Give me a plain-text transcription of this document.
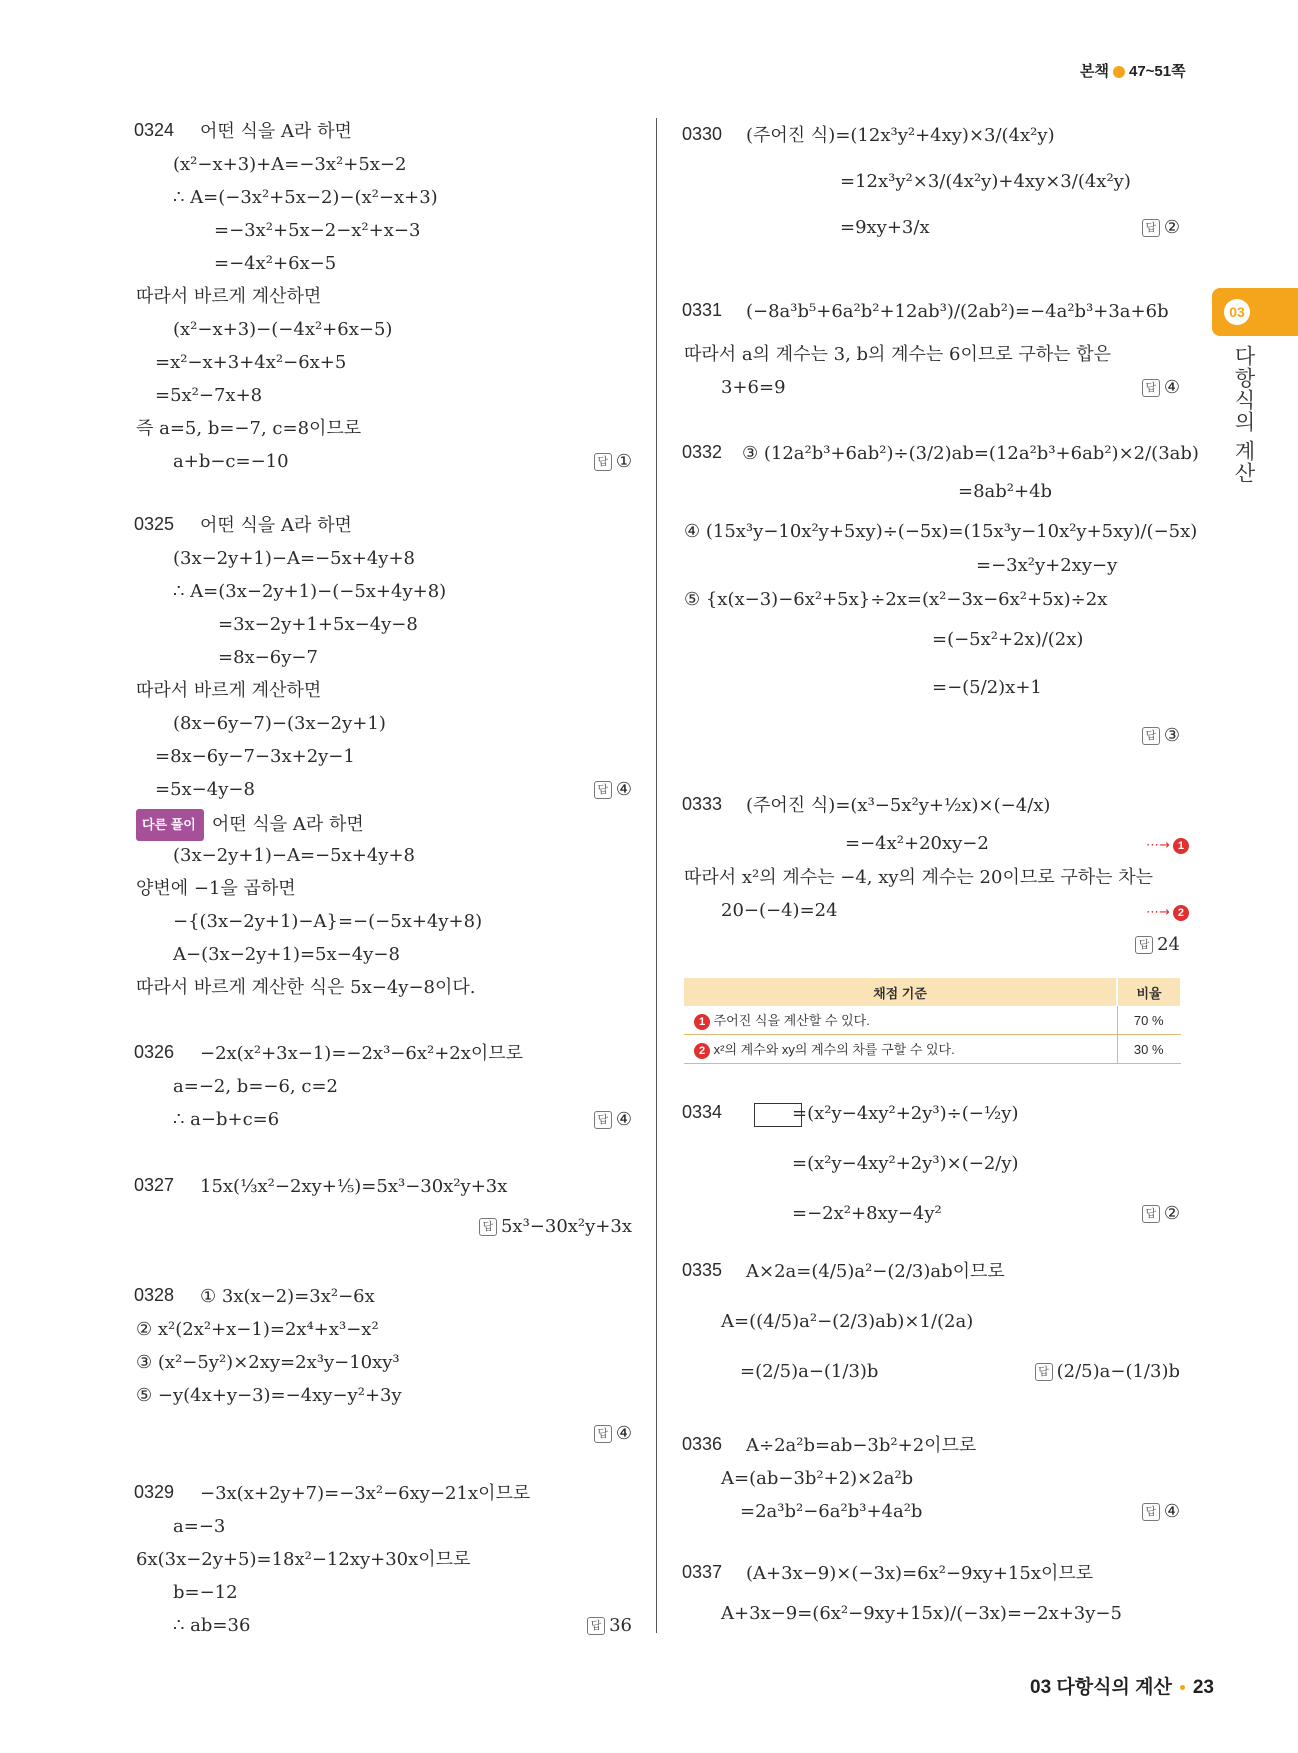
본책 47~51쪽
03
다항식의 계산
0324 어떤 식을 A라 하면
(x²−x+3)+A=−3x²+5x−2
∴ A=(−3x²+5x−2)−(x²−x+3)
=−3x²+5x−2−x²+x−3
=−4x²+6x−5
따라서 바르게 계산하면
(x²−x+3)−(−4x²+6x−5)
=x²−x+3+4x²−6x+5
=5x²−7x+8
즉 a=5, b=−7, c=8이므로
a+b−c=−10	답 ①
0325 어떤 식을 A라 하면
(3x−2y+1)−A=−5x+4y+8
∴ A=(3x−2y+1)−(−5x+4y+8)
=3x−2y+1+5x−4y−8
=8x−6y−7
따라서 바르게 계산하면
(8x−6y−7)−(3x−2y+1)
=8x−6y−7−3x+2y−1
=5x−4y−8
(3x−2y+1)−A=−5x+4y+8
양변에 −1을 곱하면
−{(3x−2y+1)−A}=−(−5x+4y+8)
A−(3x−2y+1)=5x−4y−8
따라서 바르게 계산한 식은 5x−4y−8이다.
다른 풀이 어떤 식을 A라 하면
답 ④
0326 −2x(x²+3x−1)=−2x³−6x²+2x이므로
a=−2, b=−6, c=2
∴ a−b+c=6	답 ④
0327 15x(⅓x²−2xy+⅕)=5x³−30x²y+3x
답 5x³−30x²y+3x
0328 ① 3x(x−2)=3x²−6x
② x²(2x²+x−1)=2x⁴+x³−x²
③ (x²−5y²)×2xy=2x³y−10xy³
⑤ −y(4x+y−3)=−4xy−y²+3y
답 ④
0329 −3x(x+2y+7)=−3x²−6xy−21x이므로
a=−3
6x(3x−2y+5)=18x²−12xy+30x이므로
b=−12
∴ ab=36	답 36
0330 (주어진 식)=(12x³y²+4xy)×3/(4x²y)
=12x³y²×3/(4x²y)+4xy×3/(4x²y)
=9xy+3/x	답 ②
0331 (−8a³b⁵+6a²b²+12ab³)/(2ab²)=−4a²b³+3a+6b
따라서 a의 계수는 3, b의 계수는 6이므로 구하는 합은
3+6=9	답 ④
0332 ③ (12a²b³+6ab²)÷(3/2)ab=(12a²b³+6ab²)×2/(3ab)
=8ab²+4b
④ (15x³y−10x²y+5xy)÷(−5x)=(15x³y−10x²y+5xy)/(−5x)
=−3x²y+2xy−y
⑤ {x(x−3)−6x²+5x}÷2x=(x²−3x−6x²+5x)÷2x
=(−5x²+2x)/(2x)
=−(5/2)x+1
답 ③
0333 (주어진 식)=(x³−5x²y+½x)×(−4/x)
=−4x²+20xy−2
따라서 x²의 계수는 −4, xy의 계수는 20이므로 구하는 차는
20−(−4)=24
⋯→ 1
⋯→ 2
답 24
0334	=(x²y−4xy²+2y³)÷(−½y)
=(x²y−4xy²+2y³)×(−2/y)
=−2x²+8xy−4y²	답 ②
0335 A×2a=(4/5)a²−(2/3)ab이므로
A=((4/5)a²−(2/3)ab)×1/(2a)
=(2/5)a−(1/3)b	답 (2/5)a−(1/3)b
0336 A÷2a²b=ab−3b²+2이므로
A=(ab−3b²+2)×2a²b
=2a³b²−6a²b³+4a²b	답 ④
0337 (A+3x−9)×(−3x)=6x²−9xy+15x이므로
A+3x−9=(6x²−9xy+15x)/(−3x)=−2x+3y−5
채점 기준	비율
1 주어진 식을 계산할 수 있다.	70 %
2 x²의 계수와 xy의 계수의 차를 구할 수 있다.	30 %
03 다항식의 계산 23
